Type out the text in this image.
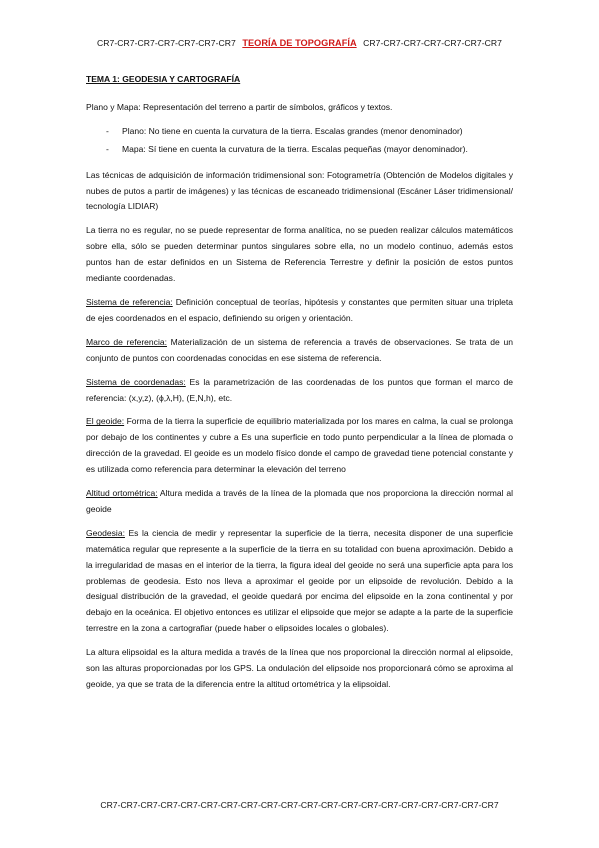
CR7-CR7-CR7-CR7-CR7-CR7-CR7 TEORÍA DE TOPOGRAFÍA CR7-CR7-CR7-CR7-CR7-CR7-CR7
TEMA 1: GEODESIA Y CARTOGRAFÍA

Plano y Mapa: Representación del terreno a partir de símbolos, gráficos y textos.

- Plano: No tiene en cuenta la curvatura de la tierra. Escalas grandes (menor denominador)
- Mapa: Sí tiene en cuenta la curvatura de la tierra. Escalas pequeñas (mayor denominador).

Las técnicas de adquisición de información tridimensional son: Fotogrametría (Obtención de Modelos digitales y nubes de putos a partir de imágenes) y las técnicas de escaneado tridimensional (Escáner Láser tridimensional/ tecnología LIDIAR)

La tierra no es regular, no se puede representar de forma analítica, no se pueden realizar cálculos matemáticos sobre ella, sólo se pueden determinar puntos singulares sobre ella, no un modelo continuo, además estos puntos han de estar definidos en un Sistema de Referencia Terrestre y definir la posición de estos puntos mediante coordenadas.

Sistema de referencia: Definición conceptual de teorías, hipótesis y constantes que permiten situar una tripleta de ejes coordenados en el espacio, definiendo su origen y orientación.

Marco de referencia: Materialización de un sistema de referencia a través de observaciones. Se trata de un conjunto de puntos con coordenadas conocidas en ese sistema de referencia.

Sistema de coordenadas: Es la parametrización de las coordenadas de los puntos que forman el marco de referencia: (x,y,z), (ϕ,λ,H), (E,N,h), etc.

El geoide: Forma de la tierra la superficie de equilibrio materializada por los mares en calma, la cual se prolonga por debajo de los continentes y cubre a Es una superficie en todo punto perpendicular a la línea de plomada o dirección de la gravedad. El geoide es un modelo físico donde el campo de gravedad tiene potencial constante y es utilizada como referencia para determinar la elevación del terreno

Altitud ortométrica: Altura medida a través de la línea de la plomada que nos proporciona la dirección normal al geoide

Geodesia: Es la ciencia de medir y representar la superficie de la tierra, necesita disponer de una superficie matemática regular que represente a la superficie de la tierra en su totalidad con buena aproximación. Debido a la irregularidad de masas en el interior de la tierra, la figura ideal del geoide no será una superficie apta para los problemas de geodesia. Esto nos lleva a aproximar el geoide por un elipsoide de revolución. Debido a la desigual distribución de la gravedad, el geoide quedará por encima del elipsoide en la zona continental y por debajo en la oceánica. El objetivo entonces es utilizar el elipsoide que mejor se adapte a la parte de la superficie terrestre en la zona a cartografiar (puede haber o elipsoides locales o globales).

La altura elipsoidal es la altura medida a través de la línea que nos proporcional la dirección normal al elipsoide, son las alturas proporcionadas por los GPS. La ondulación del elipsoide nos proporcionará cómo se aproxima al geoide, ya que se trata de la diferencia entre la altitud ortométrica y la elipsoidal.

CR7-CR7-CR7-CR7-CR7-CR7-CR7-CR7-CR7-CR7-CR7-CR7-CR7-CR7-CR7-CR7-CR7-CR7-CR7-CR7
